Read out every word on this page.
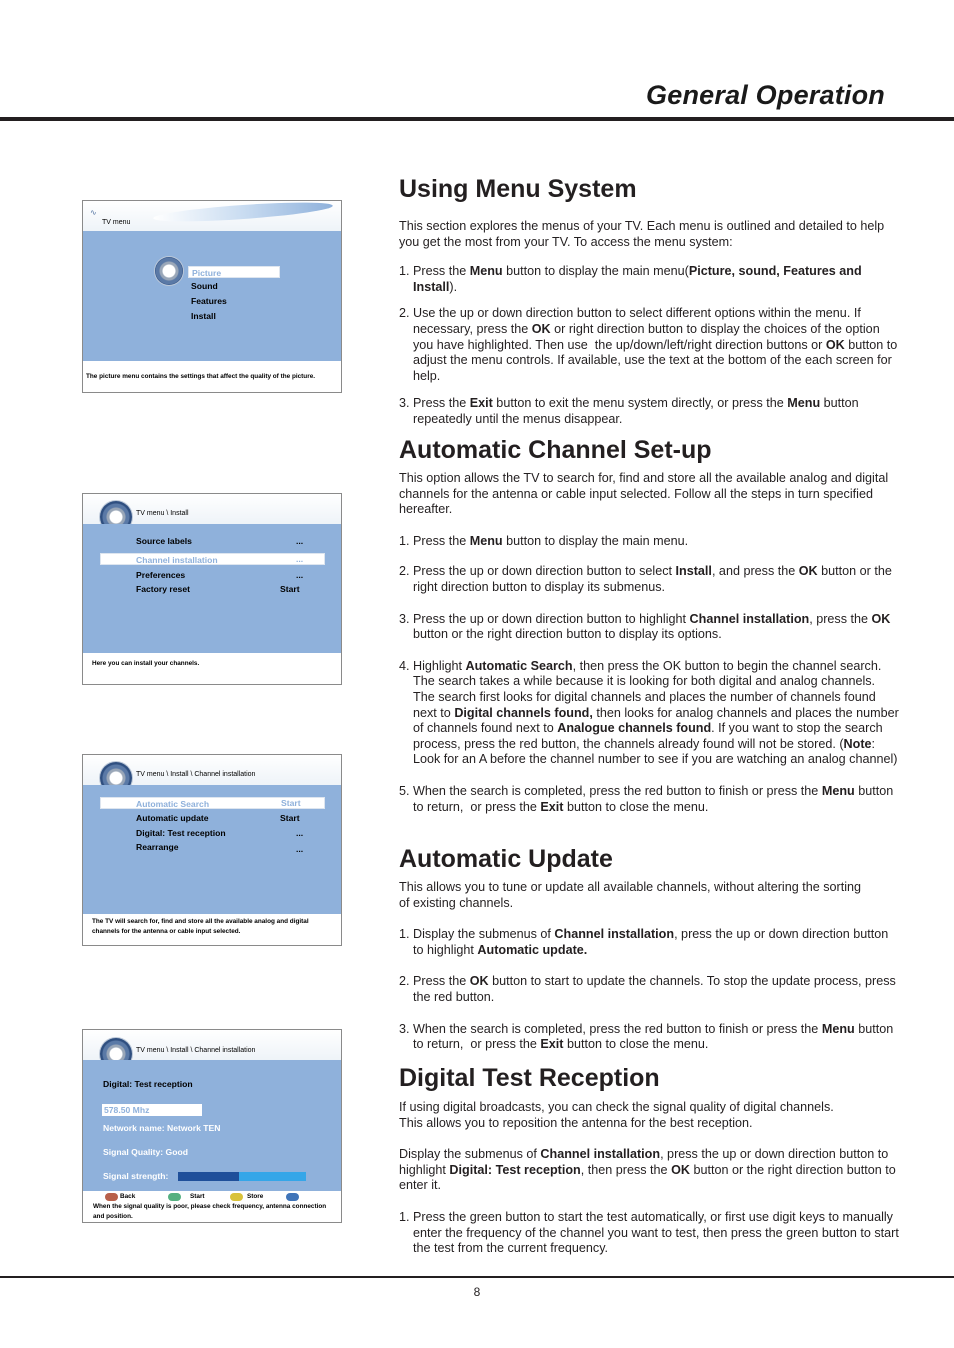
General Operation
∿
TV menu
Picture
Sound
Features
Install
The picture menu contains the settings that affect the quality of the picture.
TV menu \ Install
Source labels	...
Channel installation	...
Preferences	...
Factory reset	Start
Here you can install your channels.
TV menu \ Install \ Channel installation
Automatic Search	Start
Automatic update	Start
Digital: Test reception	...
Rearrange	...
The TV will search for, find and store all the available analog and digital channels for the antenna or cable input selected.
TV menu \ Install \ Channel installation
Digital: Test reception
578.50 Mhz
Network name: Network TEN
Signal Quality: Good
Signal strength:
Back	Start	Store
When the signal quality is poor, please check frequency, antenna connection and position.
Using Menu System

This section explores the menus of your TV. Each menu is outlined and detailed to help you get the most from your TV. To access the menu system:

1. Press the Menu button to display the main menu(Picture, sound, Features and Install).

2. Use the up or down direction button to select different options within the menu. If necessary, press the OK or right direction button to display the choices of the option you have highlighted. Then use  the up/down/left/right direction buttons or OK button to adjust the menu controls. If available, use the text at the bottom of the each screen for help.

3. Press the Exit button to exit the menu system directly, or press the Menu button repeatedly until the menus disappear.

Automatic Channel Set-up

This option allows the TV to search for, find and store all the available analog and digital channels for the antenna or cable input selected. Follow all the steps in turn specified hereafter.

1. Press the Menu button to display the main menu.

2. Press the up or down direction button to select Install, and press the OK button or the right direction button to display its submenus.

3. Press the up or down direction button to highlight Channel installation, press the OK button or the right direction button to display its options.

4. Highlight Automatic Search, then press the OK button to begin the channel search. The search takes a while because it is looking for both digital and analog channels. The search first looks for digital channels and places the number of channels found next to Digital channels found, then looks for analog channels and places the number of channels found next to Analogue channels found. If you want to stop the search process, press the red button, the channels already found will not be stored. (Note: Look for an A before the channel number to see if you are watching an analog channel)

5. When the search is completed, press the red button to finish or press the Menu button to return,  or press the Exit button to close the menu.

Automatic Update

This allows you to tune or update all available channels, without altering the sorting of existing channels.

1. Display the submenus of Channel installation, press the up or down direction button to highlight Automatic update.

2. Press the OK button to start to update the channels. To stop the update process, press the red button.

3. When the search is completed, press the red button to finish or press the Menu button to return,  or press the Exit button to close the menu.

Digital Test Reception

If using digital broadcasts, you can check the signal quality of digital channels. This allows you to reposition the antenna for the best reception.

Display the submenus of Channel installation, press the up or down direction button to highlight Digital: Test reception, then press the OK button or the right direction button to enter it.

1. Press the green button to start the test automatically, or first use digit keys to manually enter the frequency of the channel you want to test, then press the green button to start the test from the current frequency.

8
